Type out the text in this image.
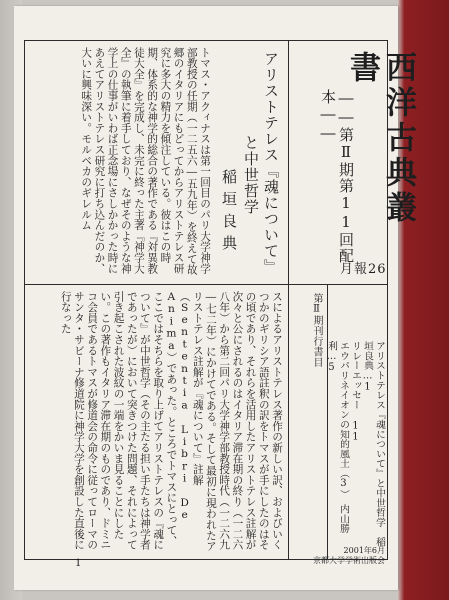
西洋古典叢書
――第Ⅱ期第11回配本――
アリストテレス『魂について』
と中世哲学
稲垣良典
トマス・アクィナスは第一回目のパリ大学神学部教授の任期（一二五六―五九年）を終えて故郷のイタリアにもどってからアリストテレス研究に多大の精力を傾注している。彼はこの時期、体系的な神学的総合の著作である『対異教徒大全』を完成し、未完に終った主著『神学大全』の執筆に着手しており、なぜそのような神学上の仕事がいわば正念場にさしかかった時にあえてアリストテレス研究に打ち込んだのか、大いに興味深い。モルベカのギレルム
スによるアリストテレス著作の新しい訳、およびいくつかのギリシア語註釈の訳をトマスが手にしたのはその頃であり、それらを活用したアリストテレス註解が次々と公にされるのはイタリア滞在期の終り（一二六八年）から第二回パリ大学神学部教授時代（一二六九―七二年）にかけてである。そして最初に現われたアリストテレス註解が『魂について』註解（Sententia Libri De Anima）であった。ところでトマスにとって、ここではそちらを取り上げてアリストテレスの『魂について』が中世哲学（その主たる担い手たちは神学者であったが）において突きつけた問題、それによって引き起こされた波紋の一端をかいま見ることにしたい。この著作もイタリア滞在期のものであり、ドミニコ会員であるトマスが修道会の命令に従ってローマのサンタ・サビーナ修道院に神学大学を創設した直後に行なった	第Ⅱ期刊行書目
アリストテレス『魂について』と中世哲学　稲垣良典…1
リレーエッセー 11
エウパリネイオンの知的風土（3）　内山勝利…5
2001年6月
京都大学学術出版会
月報26
1
